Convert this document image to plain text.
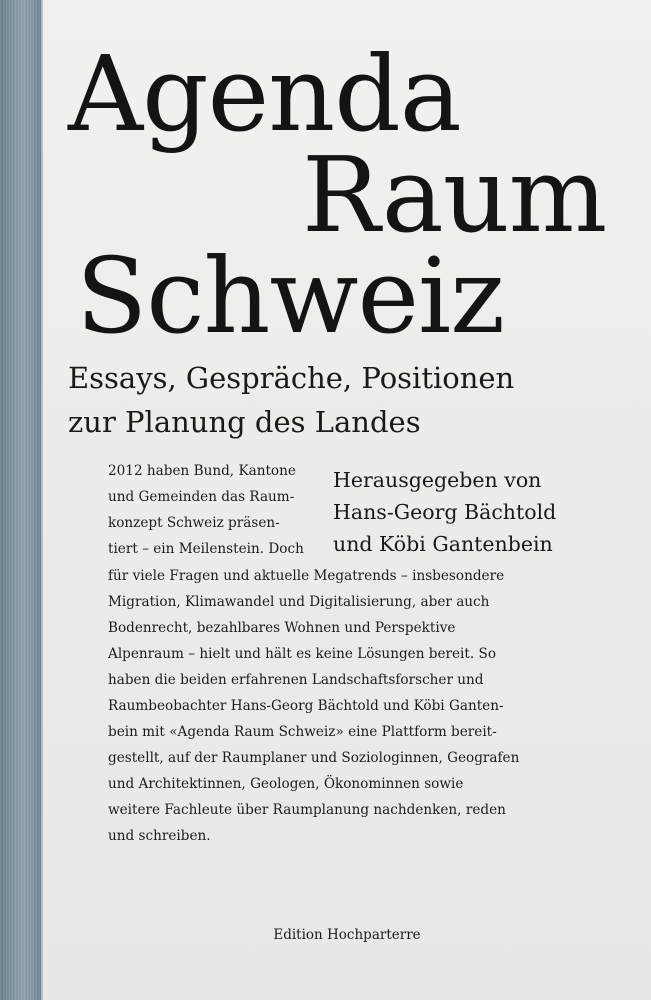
Agenda
Raum
Schweiz
Essays, Gespräche, Positionen
zur Planung des Landes
Herausgegeben von
Hans-Georg Bächtold
und Köbi Gantenbein
2012 haben Bund, Kantone
und Gemeinden das Raum-
konzept Schweiz präsen-
tiert – ein Meilenstein. Doch
für viele Fragen und aktuelle Megatrends – insbesondere
Migration, Klimawandel und Digitalisierung, aber auch
Bodenrecht, bezahlbares Wohnen und Perspektive
Alpenraum – hielt und hält es keine Lösungen bereit. So
haben die beiden erfahrenen Landschaftsforscher und
Raumbeobachter Hans-Georg Bächtold und Köbi Ganten-
bein mit «Agenda Raum Schweiz» eine Plattform bereit-
gestellt, auf der Raumplaner und Soziologinnen, Geografen
und Architektinnen, Geologen, Ökonominnen sowie
weitere Fachleute über Raumplanung nachdenken, reden
und schreiben.
Edition Hochparterre
